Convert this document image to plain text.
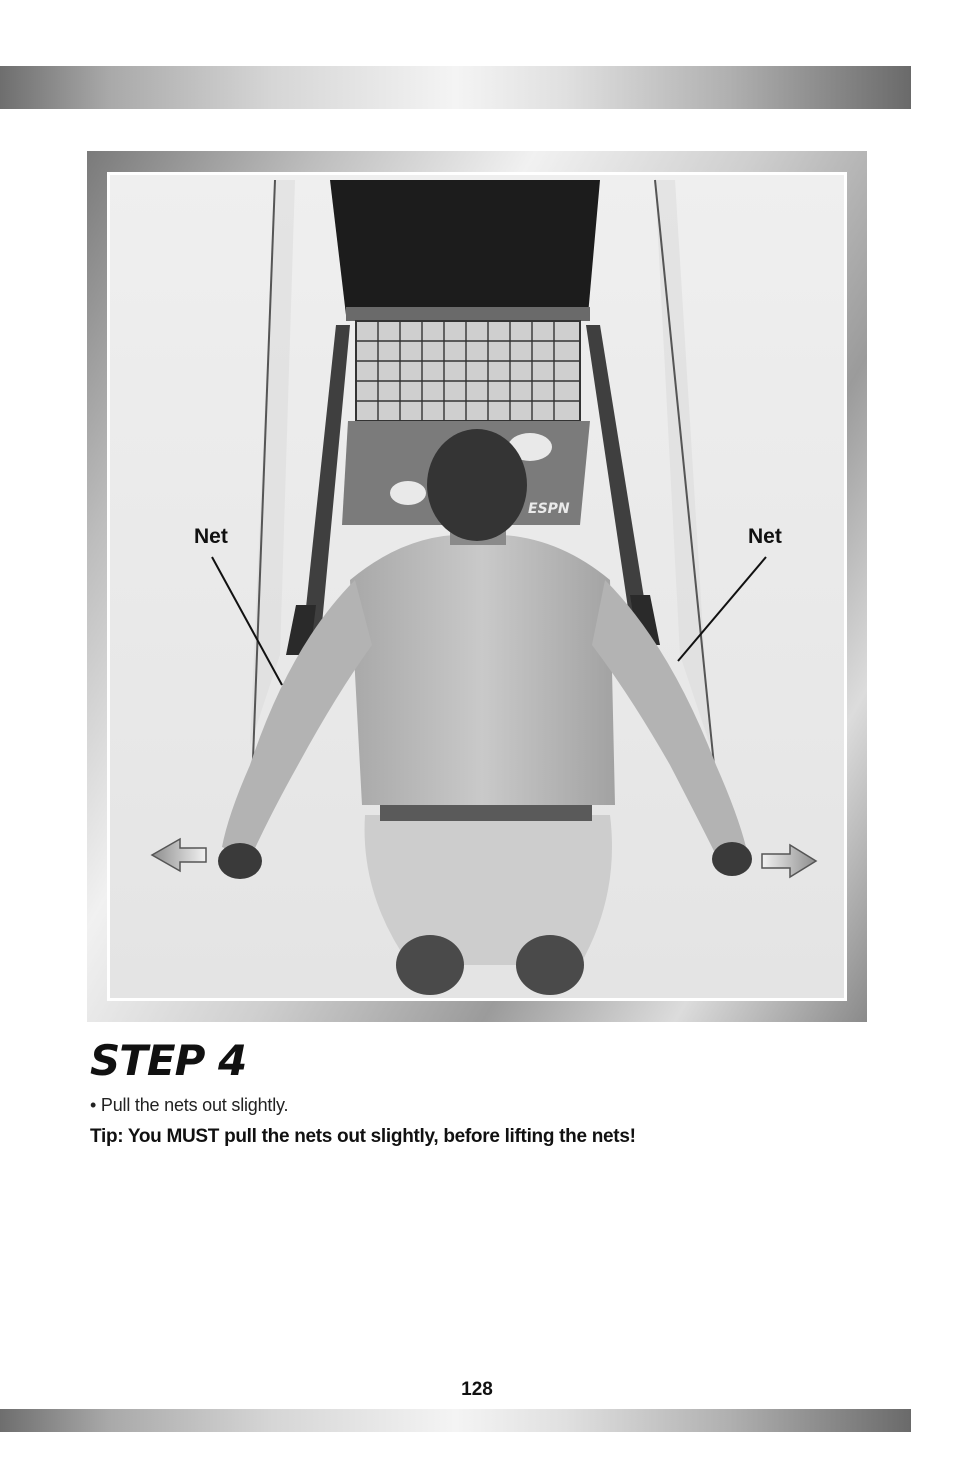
ESPN
Net	Net
STEP 4
• Pull the nets out slightly.
Tip: You MUST pull the nets out slightly, before lifting the nets!
128
